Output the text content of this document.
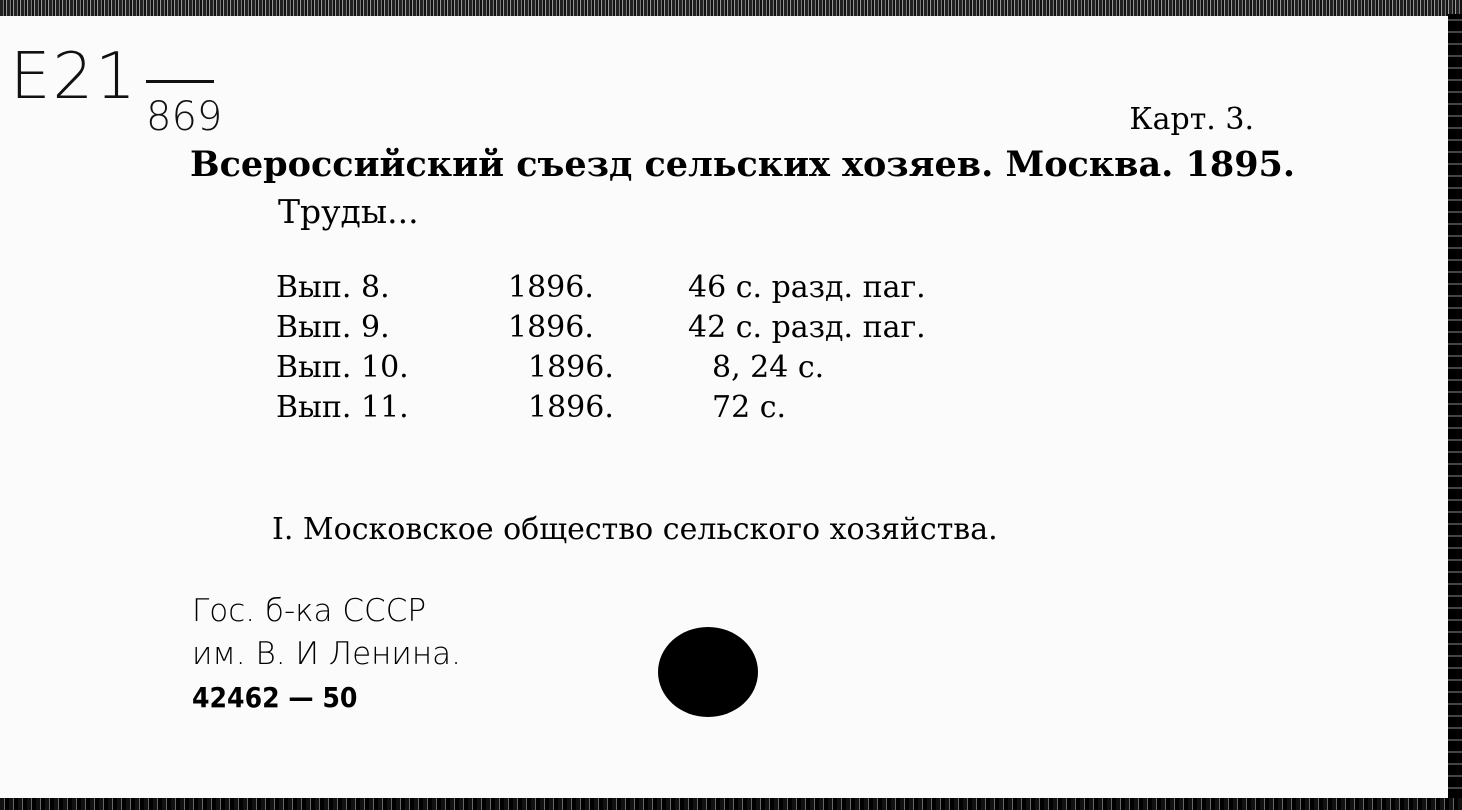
E21
869	Карт. 3.
Всероссийский съезд сельских хозяев. Москва. 1895.
Труды...
Вып. 8.	1896.	46 с. разд. паг.
Вып. 9.	1896.	42 с. разд. паг.
Вып. 10.	1896.	8, 24 с.
Вып. 11.	1896.	72 с.
I. Московское общество сельского хозяйства.
Гос. б-ка СССР
им. В. И Ленина.
42462 — 50
